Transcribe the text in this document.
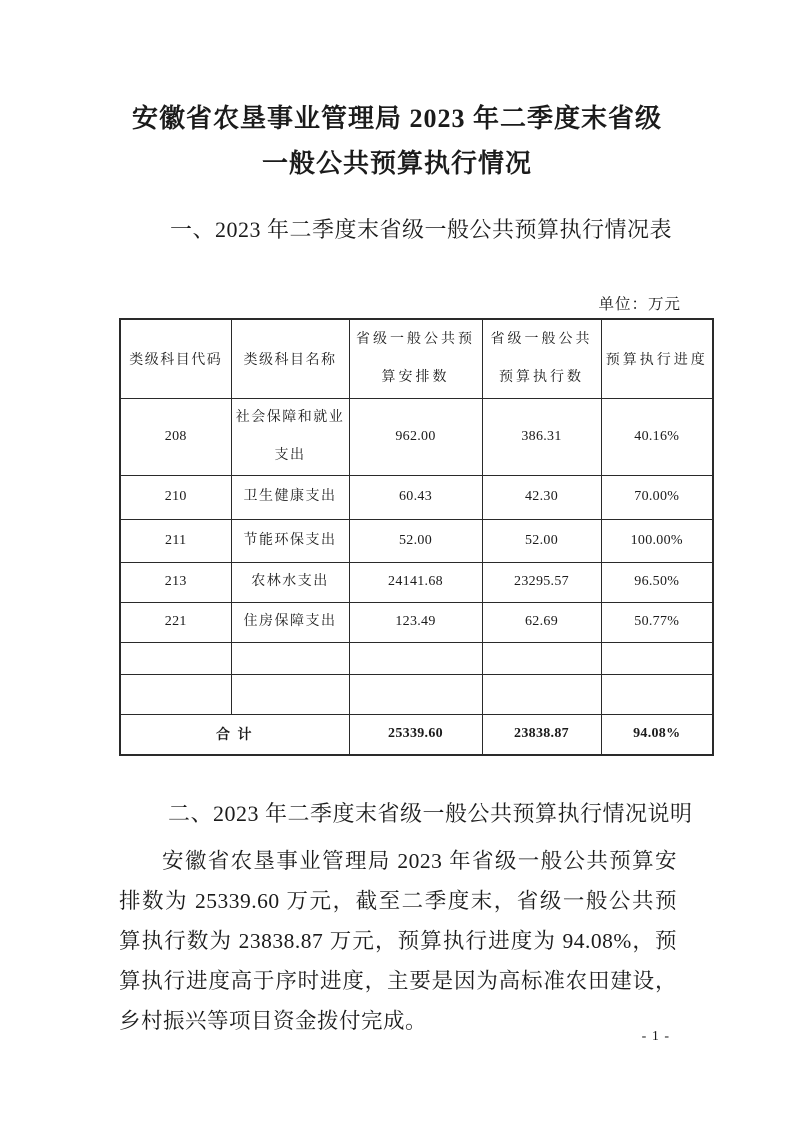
安徽省农垦事业管理局 2023 年二季度末省级
一般公共预算执行情况
一、2023 年二季度末省级一般公共预算执行情况表
单位：万元
类级科目代码	类级科目名称	省级一般公共预算安排数	省级一般公共预算执行数	预算执行进度
208	社会保障和就业支出	962.00	386.31	40.16%
210	卫生健康支出	60.43	42.30	70.00%
211	节能环保支出	52.00	52.00	100.00%
213	农林水支出	24141.68	23295.57	96.50%
221	住房保障支出	123.49	62.69	50.77%

合 计		25339.60	23838.87	94.08%
二、2023 年二季度末省级一般公共预算执行情况说明
安徽省农垦事业管理局 2023 年省级一般公共预算安排数为 25339.60 万元，截至二季度末，省级一般公共预算执行数为 23838.87 万元，预算执行进度为 94.08%，预算执行进度高于序时进度，主要是因为高标准农田建设，乡村振兴等项目资金拨付完成。
- 1 -
